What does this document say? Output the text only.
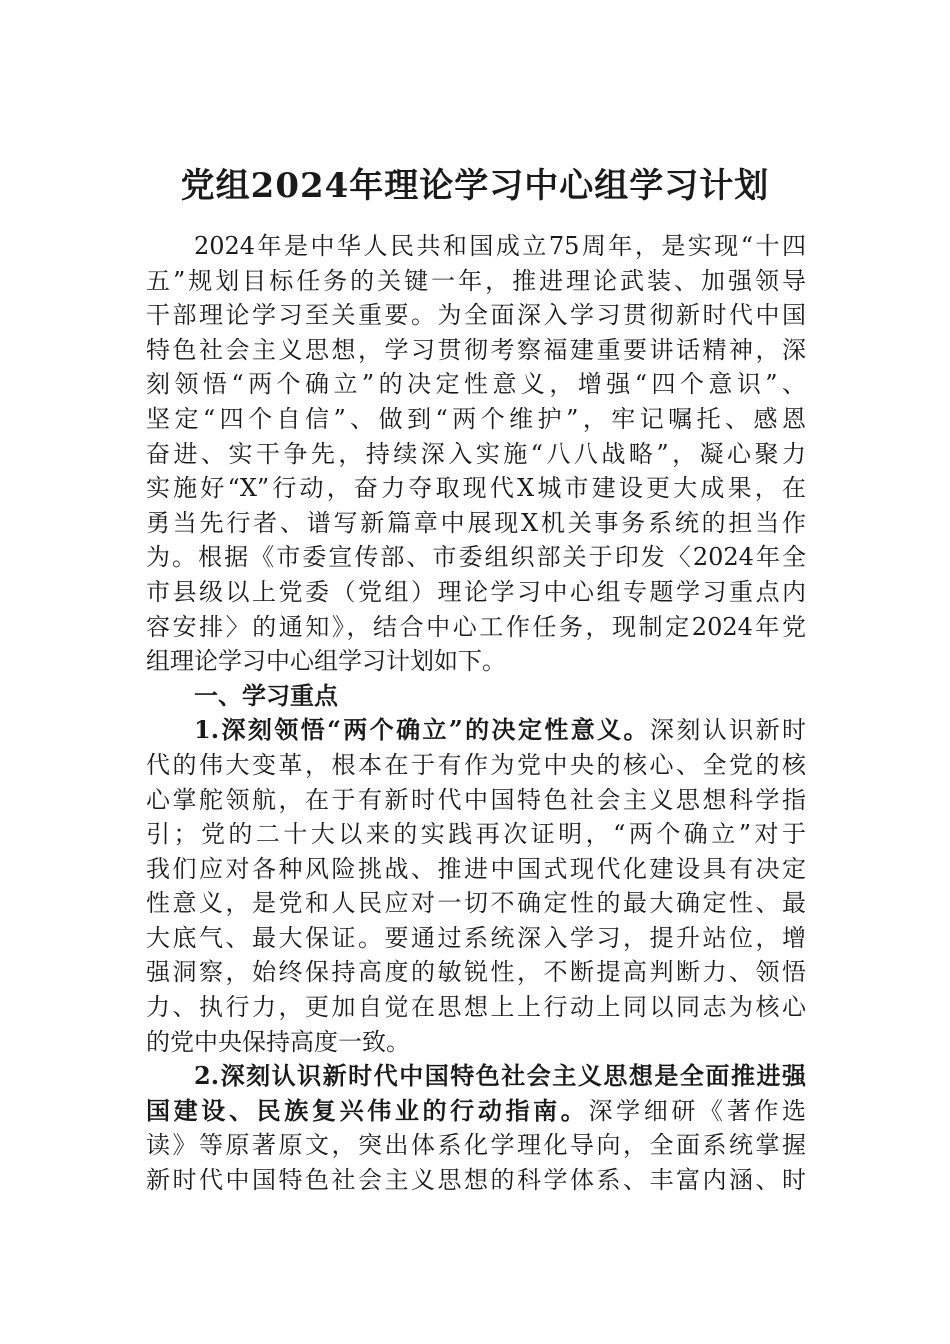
党组2024年理论学习中心组学习计划

2024年是中华人民共和国成立75周年，是实现“十四
五”规划目标任务的关键一年，推进理论武装、加强领导
干部理论学习至关重要。为全面深入学习贯彻新时代中国
特色社会主义思想，学习贯彻考察福建重要讲话精神，深
刻领悟“两个确立”的决定性意义，增强“四个意识”、
坚定“四个自信”、做到“两个维护”，牢记嘱托、感恩
奋进、实干争先，持续深入实施“八八战略”，凝心聚力
实施好“X”行动，奋力夺取现代X城市建设更大成果，在
勇当先行者、谱写新篇章中展现X机关事务系统的担当作
为。根据《市委宣传部、市委组织部关于印发〈2024年全
市县级以上党委（党组）理论学习中心组专题学习重点内
容安排〉的通知》，结合中心工作任务，现制定2024年党
组理论学习中心组学习计划如下。

一、学习重点

1.深刻领悟“两个确立”的决定性意义。深刻认识新时
代的伟大变革，根本在于有作为党中央的核心、全党的核
心掌舵领航，在于有新时代中国特色社会主义思想科学指
引；党的二十大以来的实践再次证明，“两个确立”对于
我们应对各种风险挑战、推进中国式现代化建设具有决定
性意义，是党和人民应对一切不确定性的最大确定性、最
大底气、最大保证。要通过系统深入学习，提升站位，增
强洞察，始终保持高度的敏锐性，不断提高判断力、领悟
力、执行力，更加自觉在思想上上行动上同以同志为核心
的党中央保持高度一致。

2.深刻认识新时代中国特色社会主义思想是全面推进强
国建设、民族复兴伟业的行动指南。深学细研《著作选
读》等原著原文，突出体系化学理化导向，全面系统掌握
新时代中国特色社会主义思想的科学体系、丰富内涵、时
